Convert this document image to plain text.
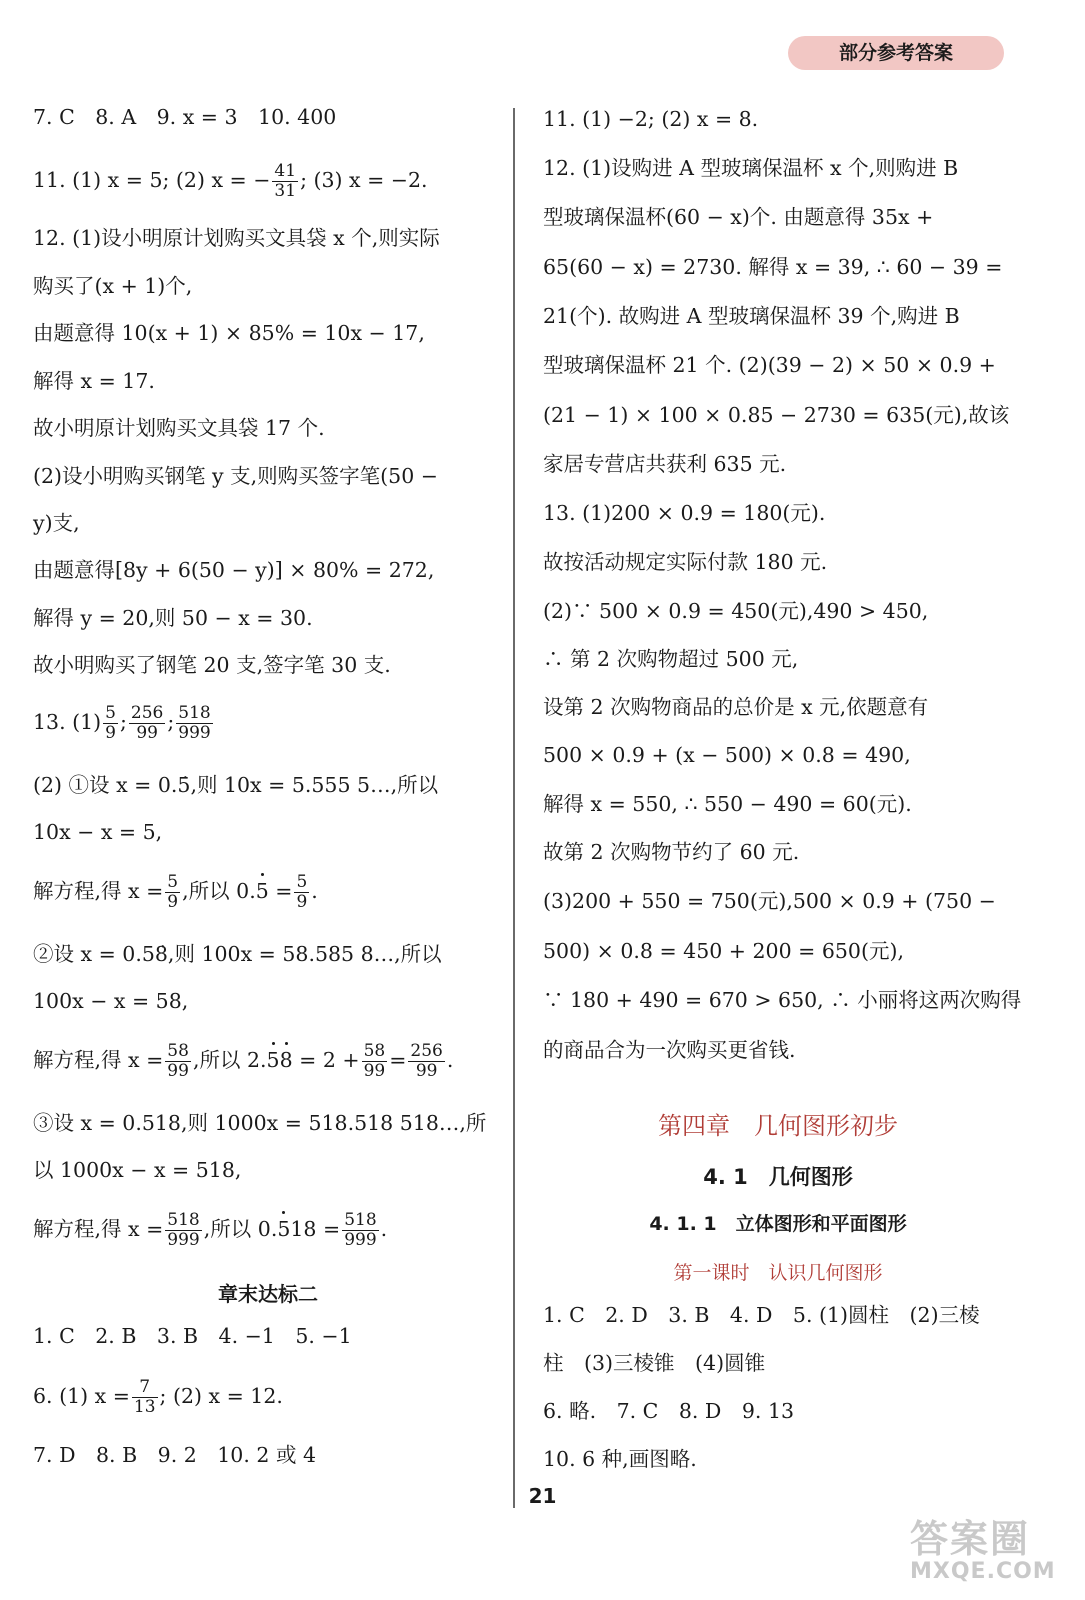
部分参考答案
7. C　8. A　9. x = 3　10. 400
11. (1) x = 5; (2) x = − $\frac{41}{31}$ ; (3) x = −2.
12. (1)设小明原计划购买文具袋 x 个,则实际
购买了(x + 1)个,
由题意得 10(x + 1) × 85% = 10x − 17,
解得 x = 17.
故小明原计划购买文具袋 17 个.
(2)设小明购买钢笔 y 支,则购买签字笔(50 −
y)支,
由题意得[8y + 6(50 − y)] × 80% = 272,
解得 y = 20,则 50 − x = 30.
故小明购买了钢笔 20 支,签字笔 30 支.
13. $(1) \frac{5}{9}$ ; $\frac{256}{99}$ ; $\frac{518}{999}$
(2) ①设 x = 0.5̇,则 10x = 5.555 5…,所以
10x − x = 5,
解方程,得 $x = \frac{5}{9}$ ,所以 $0.5 = \frac{5}{9}$ .
②设 x = 0.58̇,则 100x = 58.585 8…,所以
100x − x = 58,
解方程,得 $x = \frac{58}{99}$ ,所以 $2.58 = 2 + \frac{58}{99} = \frac{256}{99}$ .
③设 x = 0.518,则 1000x = 518.518 518…,所
以 1000x − x = 518,
解方程,得 $x = \frac{518}{999}$ ,所以 $0.518 = \frac{518}{999}$ .
章末达标二
1. C　2. B　3. B　4. −1　5. −1
6. (1) $x = \frac{7}{13}$ ; (2) x = 12.
7. D　8. B　9. 2　10. 2 或 4
11. (1) −2; (2) x = 8.
12. (1)设购进 A 型玻璃保温杯 x 个,则购进 B
型玻璃保温杯(60 − x)个. 由题意得 35x +
65(60 − x) = 2730. 解得 x = 39, ∴ 60 − 39 =
21(个). 故购进 A 型玻璃保温杯 39 个,购进 B
型玻璃保温杯 21 个. (2)(39 − 2) × 50 × 0.9 +
(21 − 1) × 100 × 0.85 − 2730 = 635(元),故该
家居专营店共获利 635 元.
13. (1)200 × 0.9 = 180(元).
故按活动规定实际付款 180 元.
(2)∵ 500 × 0.9 = 450(元),490 > 450,
∴ 第 2 次购物超过 500 元,
设第 2 次购物商品的总价是 x 元,依题意有
500 × 0.9 + (x − 500) × 0.8 = 490,
解得 x = 550, ∴ 550 − 490 = 60(元).
故第 2 次购物节约了 60 元.
(3)200 + 550 = 750(元),500 × 0.9 + (750 −
500) × 0.8 = 450 + 200 = 650(元),
∵ 180 + 490 = 670 > 650, ∴ 小丽将这两次购得
的商品合为一次购买更省钱.
第四章　几何图形初步
4. 1　几何图形
4. 1. 1　立体图形和平面图形
第一课时　认识几何图形
1. C　2. D　3. B　4. D　5. (1)圆柱　(2)三棱
柱　(3)三棱锥　(4)圆锥
6. 略.　7. C　8. D　9. 13
10. 6 种,画图略.
21
答案圈
MXQE.COM
